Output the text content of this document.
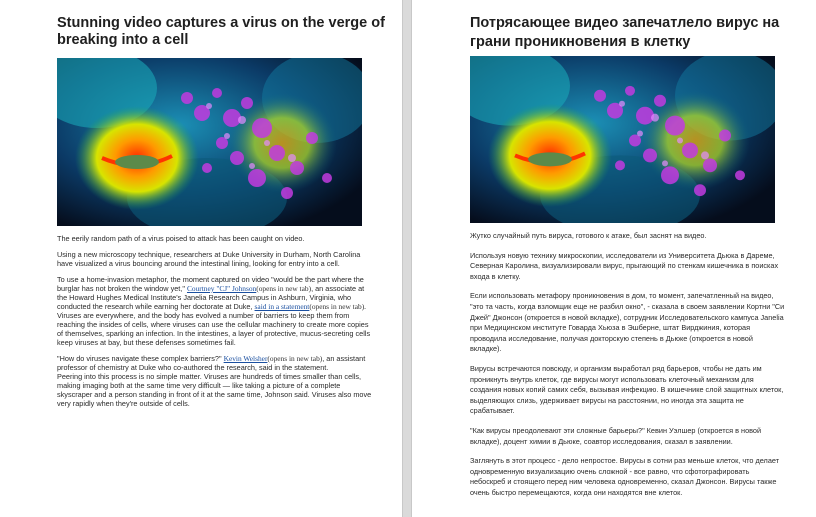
Stunning video captures a virus on the verge of breaking into a cell

The eerily random path of a virus poised to attack has been caught on video.

Using a new microscopy technique, researchers at Duke University in Durham, North Carolina have visualized a virus bouncing around the intestinal lining, looking for entry into a cell.

To use a home-invasion metaphor, the moment captured on video "would be the part where the burglar has not broken the window yet," Courtney "CJ" Johnson(opens in new tab), an associate at the Howard Hughes Medical Institute's Janelia Research Campus in Ashburn, Virginia, who conducted the research while earning her doctorate at Duke, said in a statement(opens in new tab).

Viruses are everywhere, and the body has evolved a number of barriers to keep them from reaching the insides of cells, where viruses can use the cellular machinery to create more copies of themselves, sparking an infection. In the intestines, a layer of protective, mucus-secreting cells keep viruses at bay, but these defenses sometimes fail.

"How do viruses navigate these complex barriers?" Kevin Welsher(opens in new tab), an assistant professor of chemistry at Duke who co-authored the research, said in the statement.

Peering into this process is no simple matter. Viruses are hundreds of times smaller than cells, making imaging both at the same time very difficult — like taking a picture of a complete skyscraper and a person standing in front of it at the same time, Johnson said. Viruses also move very rapidly when they're outside of cells.

Потрясающее видео запечатлело вирус на грани проникновения в клетку

Жутко случайный путь вируса, готового к атаке, был заснят на видео.

Используя новую технику микроскопии, исследователи из Университета Дьюка в Дареме, Северная Каролина, визуализировали вирус, прыгающий по стенкам кишечника в поисках входа в клетку.

Если использовать метафору проникновения в дом, то момент, запечатленный на видео, "это та часть, когда взломщик еще не разбил окно", - сказала в своем заявлении Кортни "Си Джей" Джонсон (откроется в новой вкладке), сотрудник Исследовательского кампуса Janelia при Медицинском институте Говарда Хьюза в Эшберне, штат Вирджиния, которая проводила исследование, получая докторскую степень в Дьюке (откроется в новой вкладке).

Вирусы встречаются повсюду, и организм выработал ряд барьеров, чтобы не дать им проникнуть внутрь клеток, где вирусы могут использовать клеточный механизм для создания новых копий самих себя, вызывая инфекцию. В кишечнике слой защитных клеток, выделяющих слизь, удерживает вирусы на расстоянии, но иногда эта защита не срабатывает.

"Как вирусы преодолевают эти сложные барьеры?" Кевин Уэлшер (откроется в новой вкладке), доцент химии в Дьюке, соавтор исследования, сказал в заявлении.

Заглянуть в этот процесс - дело непростое. Вирусы в сотни раз меньше клеток, что делает одновременную визуализацию очень сложной - все равно, что сфотографировать небоскреб и стоящего перед ним человека одновременно, сказал Джонсон. Вирусы также очень быстро перемещаются, когда они находятся вне клеток.
